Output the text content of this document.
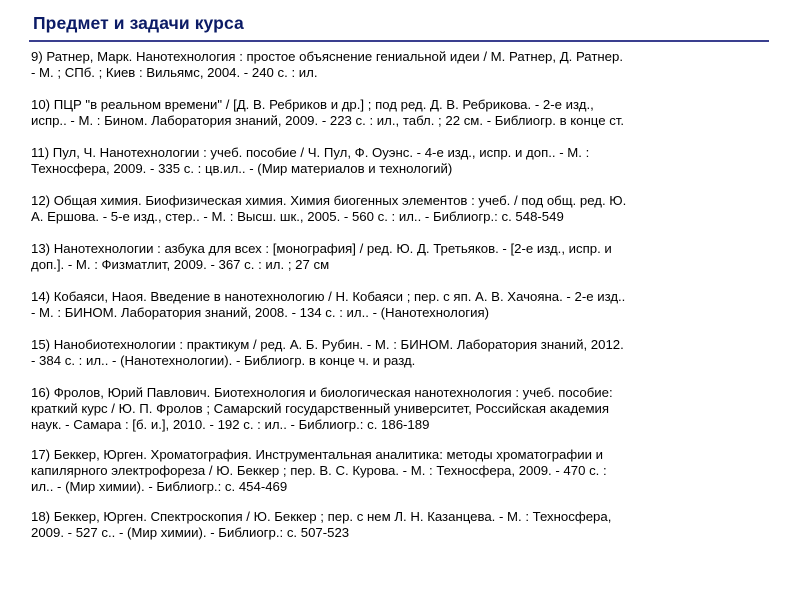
Предмет и задачи курса
9) Ратнер, Марк. Нанотехнология : простое объяснение гениальной идеи / М. Ратнер, Д. Ратнер.
- М. ; СПб. ; Киев : Вильямс, 2004. - 240 с. : ил.
10) ПЦР "в реальном времени" / [Д. В. Ребриков и др.] ; под ред. Д. В. Ребрикова. - 2-е изд.,
испр.. - М. : Бином. Лаборатория знаний, 2009. - 223 с. : ил., табл. ; 22 см. - Библиогр. в конце ст.
11) Пул, Ч. Нанотехнологии : учеб. пособие / Ч. Пул, Ф. Оуэнс. - 4-е изд., испр. и доп.. - М. :
Техносфера, 2009. - 335 с. : цв.ил.. - (Мир материалов и технологий)
12) Общая химия. Биофизическая химия. Химия биогенных элементов : учеб. / под общ. ред. Ю.
А. Ершова. - 5-е изд., стер.. - М. : Высш. шк., 2005. - 560 с. : ил.. - Библиогр.: с. 548-549
13) Нанотехнологии : азбука для всех : [монография] / ред. Ю. Д. Третьяков. - [2-е изд., испр. и
доп.]. - М. : Физматлит, 2009. - 367 с. : ил. ; 27 см
14) Кобаяси, Наоя. Введение в нанотехнологию / Н. Кобаяси ; пер. с яп. А. В. Хачояна. - 2-е изд..
- М. : БИНОМ. Лаборатория знаний, 2008. - 134 с. : ил.. - (Нанотехнология)
15) Нанобиотехнологии : практикум / ред. А. Б. Рубин. - М. : БИНОМ. Лаборатория знаний, 2012.
- 384 с. : ил.. - (Нанотехнологии). - Библиогр. в конце ч. и разд.
16) Фролов, Юрий Павлович. Биотехнология и биологическая нанотехнология : учеб. пособие:
краткий курс / Ю. П. Фролов ; Самарский государственный университет, Российская академия
наук. - Самара : [б. и.], 2010. - 192 с. : ил.. - Библиогр.: с. 186-189
17) Беккер, Юрген. Хроматография. Инструментальная аналитика: методы хроматографии и
капилярного электрофореза / Ю. Беккер ; пер. В. С. Курова. - М. : Техносфера, 2009. - 470 с. :
ил.. - (Мир химии). - Библиогр.: с. 454-469
18) Беккер, Юрген. Спектроскопия / Ю. Беккер ; пер. с нем Л. Н. Казанцева. - М. : Техносфера,
2009. - 527 с.. - (Мир химии). - Библиогр.: с. 507-523
